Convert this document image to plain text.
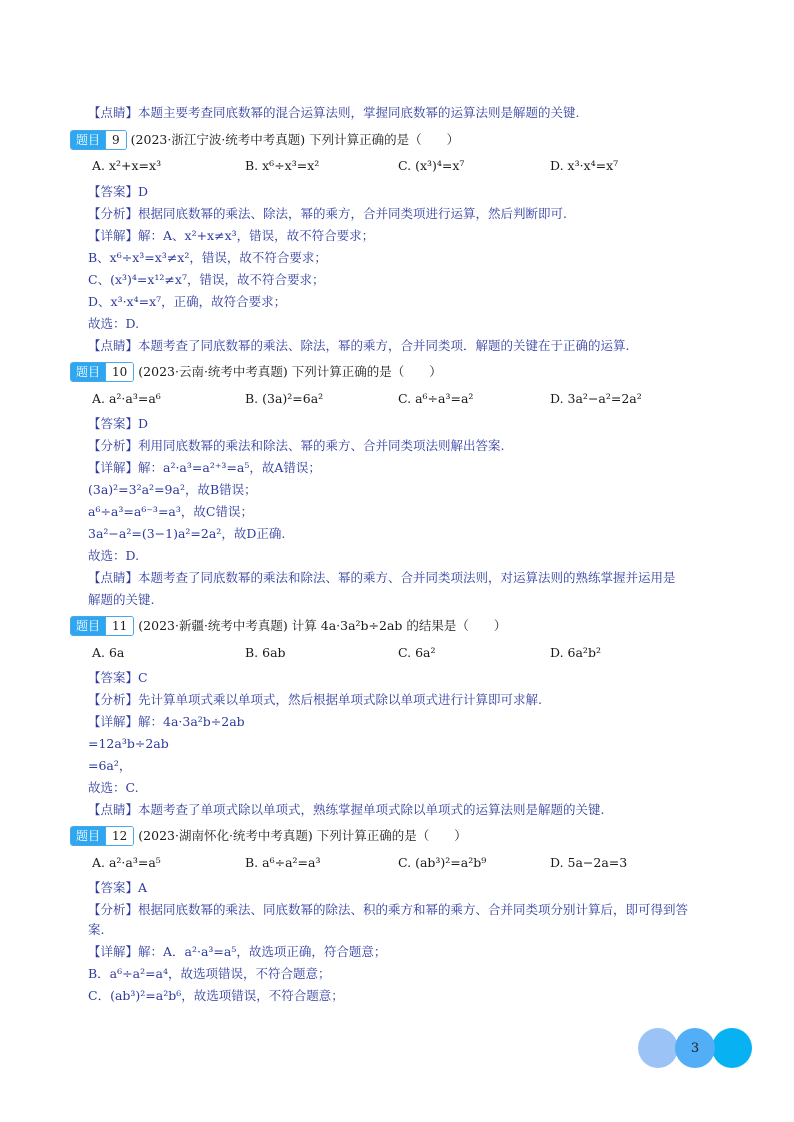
【点睛】本题主要考查同底数幂的混合运算法则，掌握同底数幂的运算法则是解题的关键.
题目	9 (2023·浙江宁波·统考中考真题) 下列计算正确的是（　　）
A. x²+x=x³	B. x⁶÷x³=x²	C. (x³)⁴=x⁷	D. x³·x⁴=x⁷
【答案】D
【分析】根据同底数幂的乘法、除法，幂的乘方，合并同类项进行运算，然后判断即可.
【详解】解：A、x²+x≠x³，错误，故不符合要求；
B、x⁶÷x³=x³≠x²，错误，故不符合要求；
C、(x³)⁴=x¹²≠x⁷，错误，故不符合要求；
D、x³·x⁴=x⁷，正确，故符合要求；
故选：D.
【点睛】本题考查了同底数幂的乘法、除法，幂的乘方，合并同类项．解题的关键在于正确的运算.
题目	10 (2023·云南·统考中考真题) 下列计算正确的是（　　）
A. a²·a³=a⁶	B. (3a)²=6a²	C. a⁶÷a³=a²	D. 3a²−a²=2a²
【答案】D
【分析】利用同底数幂的乘法和除法、幂的乘方、合并同类项法则解出答案.
【详解】解：a²·a³=a²⁺³=a⁵，故A错误；
(3a)²=3²a²=9a²，故B错误；
a⁶÷a³=a⁶⁻³=a³，故C错误；
3a²−a²=(3−1)a²=2a²，故D正确.
故选：D.
【点睛】本题考查了同底数幂的乘法和除法、幂的乘方、合并同类项法则，对运算法则的熟练掌握并运用是
解题的关键.
题目	11 (2023·新疆·统考中考真题) 计算 4a·3a²b÷2ab 的结果是（　　）
A. 6a	B. 6ab	C. 6a²	D. 6a²b²
【答案】C
【分析】先计算单项式乘以单项式，然后根据单项式除以单项式进行计算即可求解.
【详解】解：4a·3a²b÷2ab
=12a³b÷2ab
=6a²，
故选：C.
【点睛】本题考查了单项式除以单项式，熟练掌握单项式除以单项式的运算法则是解题的关键.
题目	12 (2023·湖南怀化·统考中考真题) 下列计算正确的是（　　）
A. a²·a³=a⁵	B. a⁶÷a²=a³	C. (ab³)²=a²b⁹	D. 5a−2a=3
【答案】A
【分析】根据同底数幂的乘法、同底数幂的除法、积的乘方和幂的乘方、合并同类项分别计算后，即可得到答
案.
【详解】解：A．a²·a³=a⁵，故选项正确，符合题意；
B．a⁶÷a²=a⁴，故选项错误，不符合题意；
C．(ab³)²=a²b⁶，故选项错误，不符合题意；
3
